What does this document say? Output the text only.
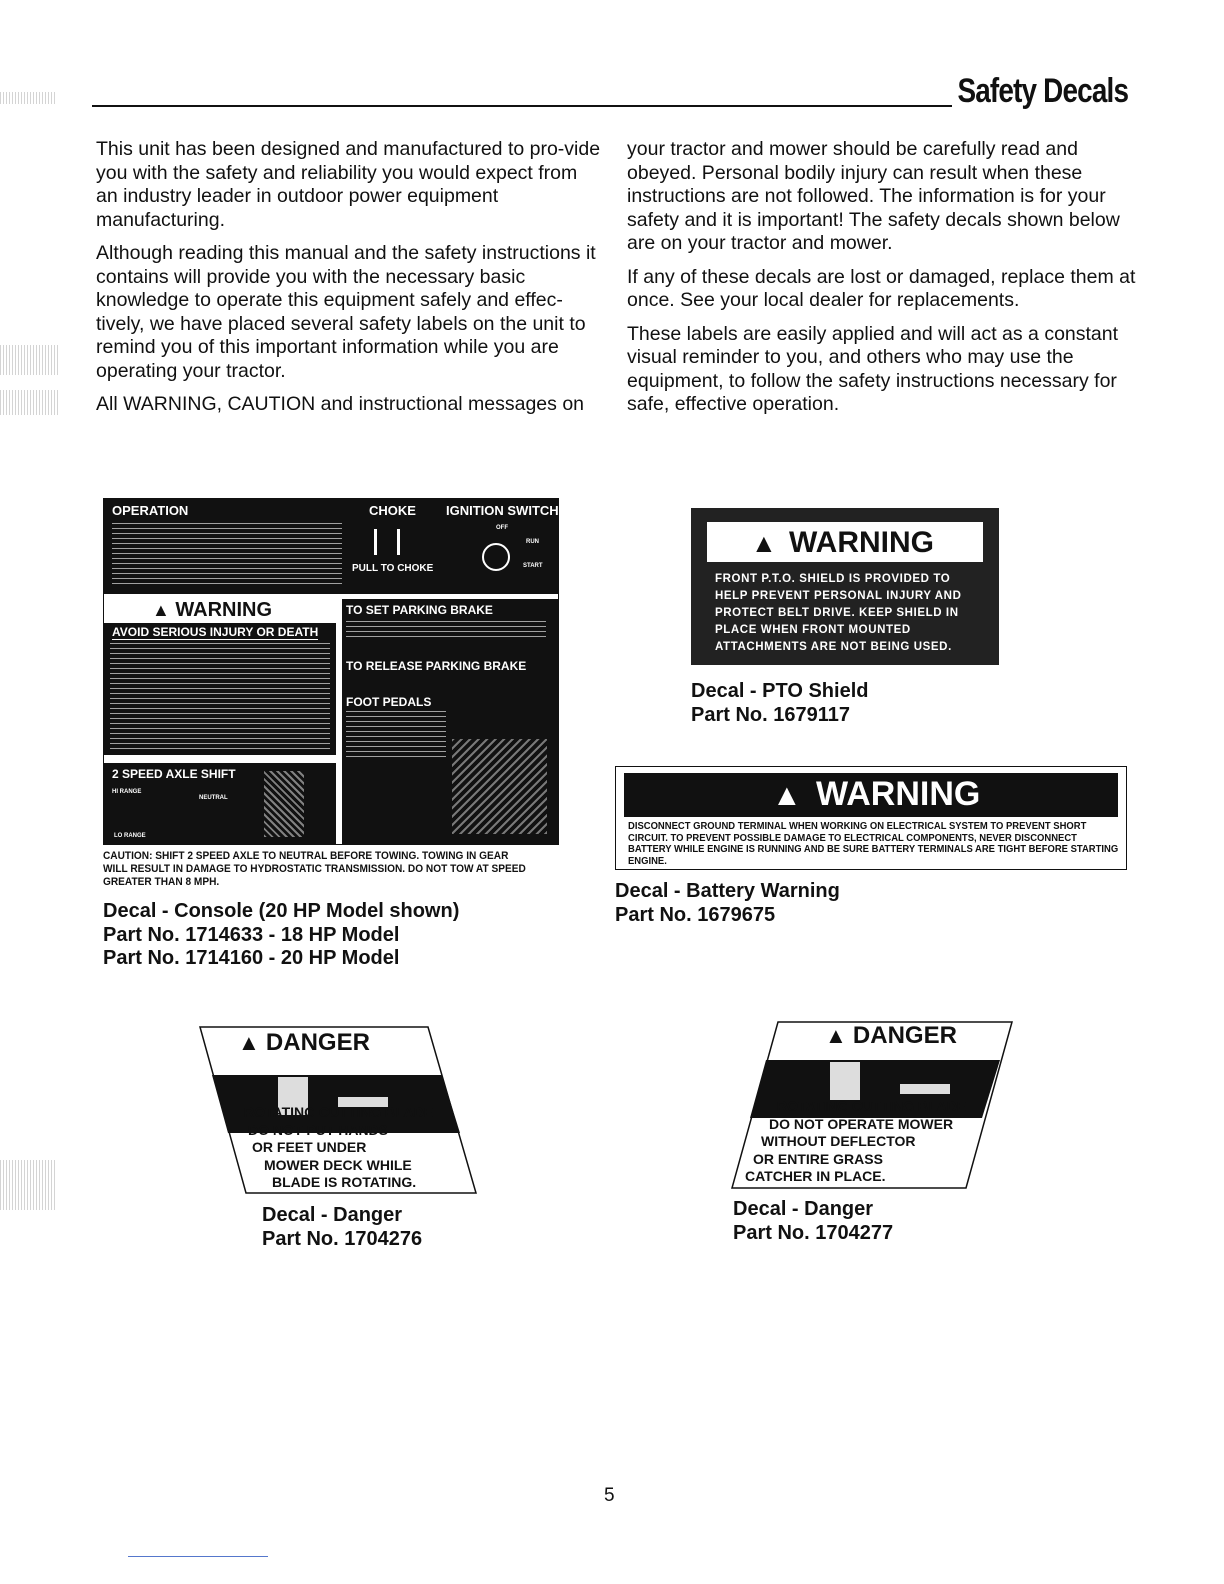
Safety Decals

This unit has been designed and manufactured to pro-vide you with the safety and reliability you would expect from an industry leader in outdoor power equipment manufacturing.

Although reading this manual and the safety instructions it contains will provide you with the necessary basic knowledge to operate this equipment safely and effec-tively, we have placed several safety labels on the unit to remind you of this important information while you are operating your tractor.

All WARNING, CAUTION and instructional messages on

your tractor and mower should be carefully read and obeyed. Personal bodily injury can result when these instructions are not followed. The information is for your safety and it is important! The safety decals shown below are on your tractor and mower.

If any of these decals are lost or damaged, replace them at once. See your local dealer for replacements.

These labels are easily applied and will act as a constant visual reminder to you, and others who may use the equipment, to follow the safety instructions necessary for safe, effective operation.

OPERATION	CHOKE IGNITION SWITCH
PULL TO CHOKE
OFF
RUN
START
▲ WARNING
AVOID SERIOUS INJURY OR DEATH
2 SPEED AXLE SHIFT
HI RANGE
NEUTRAL
LO RANGE
TO SET PARKING BRAKE
TO RELEASE PARKING BRAKE
FOOT PEDALS
CAUTION: SHIFT 2 SPEED AXLE TO NEUTRAL BEFORE TOWING. TOWING IN GEAR WILL RESULT IN DAMAGE TO HYDROSTATIC TRANSMISSION. DO NOT TOW AT SPEED GREATER THAN 8 MPH.
Decal - Console (20 HP Model shown)
Part No. 1714633 - 18 HP Model
Part No. 1714160 - 20 HP Model
▲ WARNING
FRONT P.T.O. SHIELD IS PROVIDED TO HELP PREVENT PERSONAL INJURY AND PROTECT BELT DRIVE. KEEP SHIELD IN PLACE WHEN FRONT MOUNTED ATTACHMENTS ARE NOT BEING USED.
Decal - PTO Shield
Part No. 1679117
▲ WARNING
DISCONNECT GROUND TERMINAL WHEN WORKING ON ELECTRICAL SYSTEM TO PREVENT SHORT CIRCUIT. TO PREVENT POSSIBLE DAMAGE TO ELECTRICAL COMPONENTS, NEVER DISCONNECT BATTERY WHILE ENGINE IS RUNNING AND BE SURE BATTERY TERMINALS ARE TIGHT BEFORE STARTING ENGINE.
Decal - Battery Warning
Part No. 1679675
▲ DANGER
ROTATING CUTTING BLADE
DO NOT PUT HANDS
OR FEET UNDER
MOWER DECK WHILE
BLADE IS ROTATING.
Decal - Danger
Part No. 1704276
▲ DANGER
ROTATING CUTTING BLADE
DO NOT OPERATE MOWER
WITHOUT DEFLECTOR
OR ENTIRE GRASS
CATCHER IN PLACE.
Decal - Danger
Part No. 1704277
5
